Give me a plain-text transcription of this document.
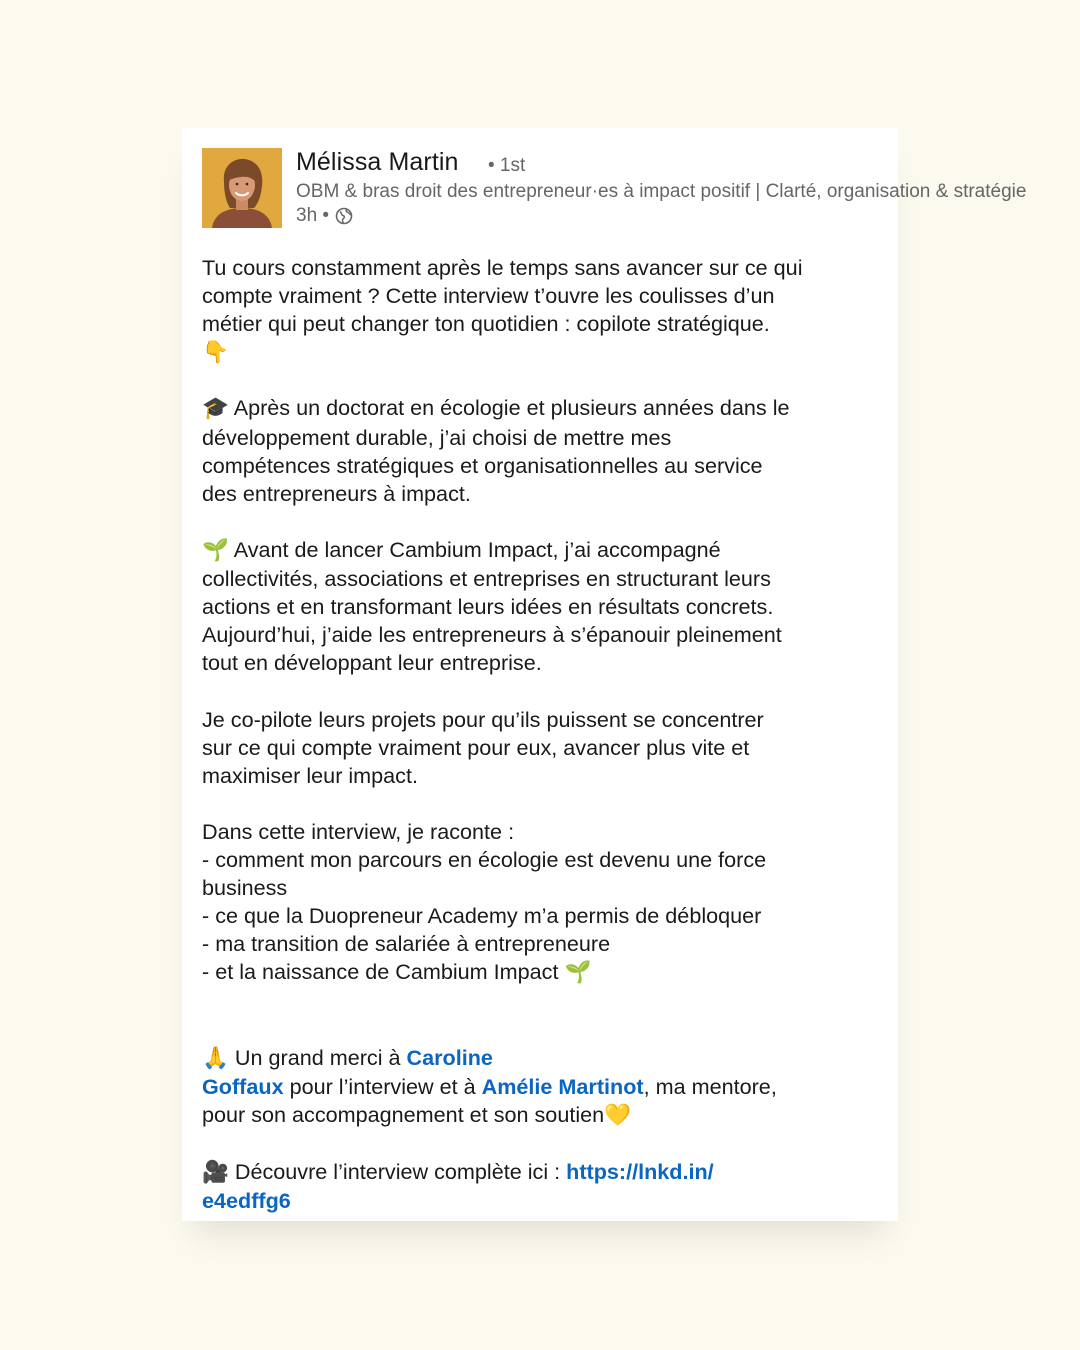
Mélissa Martin • 1st
OBM & bras droit des entrepreneur·es à impact positif | Clarté, organisation & stratégie
3h •
Tu cours constamment après le temps sans avancer sur ce qui
compte vraiment ? Cette interview t’ouvre les coulisses d’un
métier qui peut changer ton quotidien : copilote stratégique.
👇
🎓 Après un doctorat en écologie et plusieurs années dans le
développement durable, j’ai choisi de mettre mes
compétences stratégiques et organisationnelles au service
des entrepreneurs à impact.
🌱 Avant de lancer Cambium Impact, j’ai accompagné
collectivités, associations et entreprises en structurant leurs
actions et en transformant leurs idées en résultats concrets.
Aujourd’hui, j’aide les entrepreneurs à s’épanouir pleinement
tout en développant leur entreprise.
Je co-pilote leurs projets pour qu’ils puissent se concentrer
sur ce qui compte vraiment pour eux, avancer plus vite et
maximiser leur impact.
Dans cette interview, je raconte :
- comment mon parcours en écologie est devenu une force
business
- ce que la Duopreneur Academy m’a permis de débloquer
- ma transition de salariée à entrepreneure
- et la naissance de Cambium Impact 🌱
🙏 Un grand merci à Caroline
Goffaux pour l’interview et à Amélie Martinot, ma mentore,
pour son accompagnement et son soutien💛
🎥 Découvre l’interview complète ici : https://lnkd.in/
e4edffg6
